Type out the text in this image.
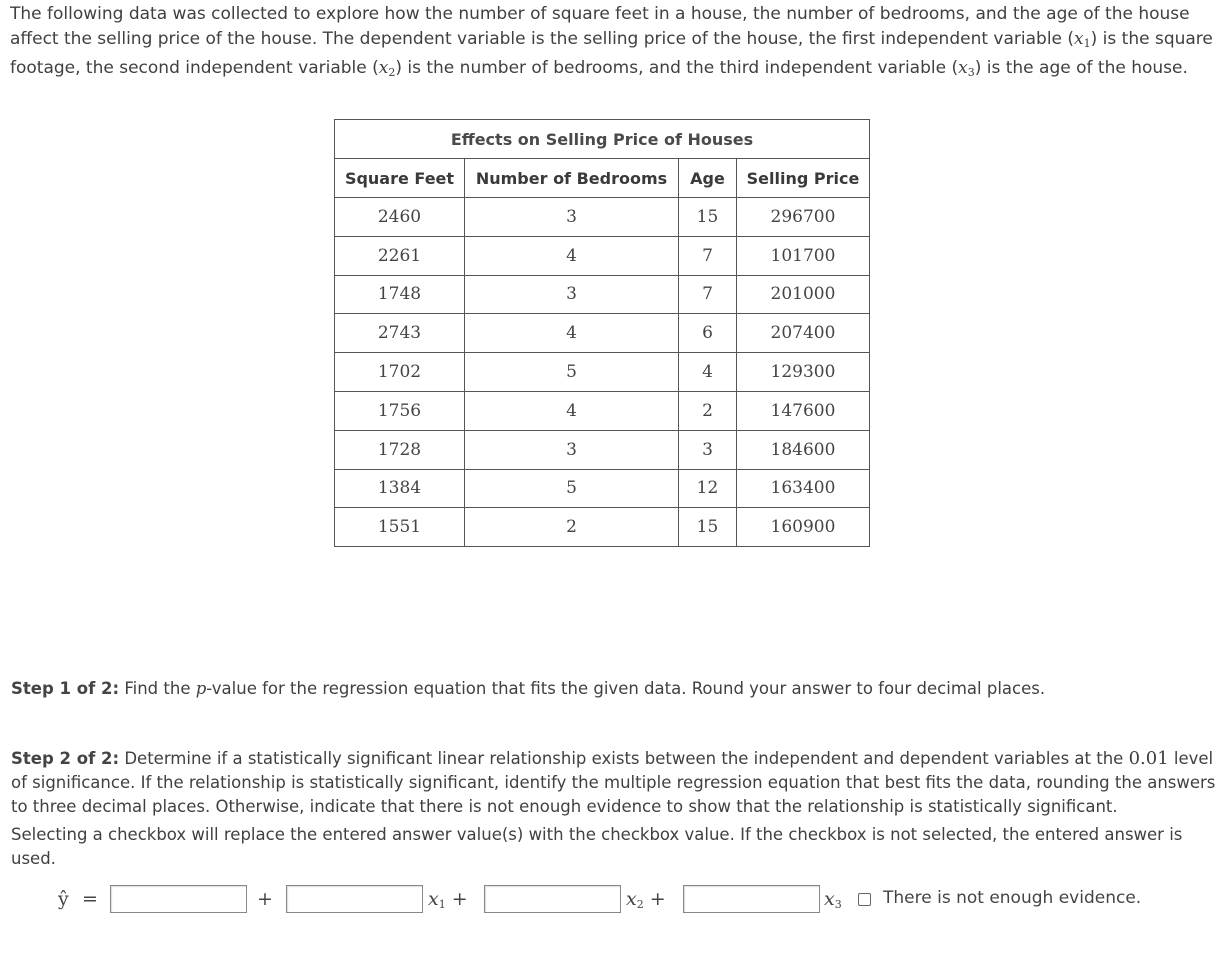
The following data was collected to explore how the number of square feet in a house, the number of bedrooms, and the age of the house affect the selling price of the house. The dependent variable is the selling price of the house, the first independent variable $(x_1)$ is the square footage, the second independent variable $(x_2)$ is the number of bedrooms, and the third independent variable $(x_3)$ is the age of the house.

Effects on Selling Price of Houses			
Square Feet	Number of Bedrooms	Age	Selling Price
2460	3	15	296700
2261	4	7	101700
1748	3	7	201000
2743	4	6	207400
1702	5	4	129300
1756	4	2	147600
1728	3	3	184600
1384	5	12	163400
1551	2	15	160900

Step 1 of 2: Find the p-value for the regression equation that fits the given data. Round your answer to four decimal places.

Step 2 of 2: Determine if a statistically significant linear relationship exists between the independent and dependent variables at the 0.01 level of significance. If the relationship is statistically significant, identify the multiple regression equation that best fits the data, rounding the answers to three decimal places. Otherwise, indicate that there is not enough evidence to show that the relationship is statistically significant.
Selecting a checkbox will replace the entered answer value(s) with the checkbox value. If the checkbox is not selected, the entered answer is used.

ŷ =	+	$x_1$ +	$x_2$ +	$x_3$ There is not enough evidence.
